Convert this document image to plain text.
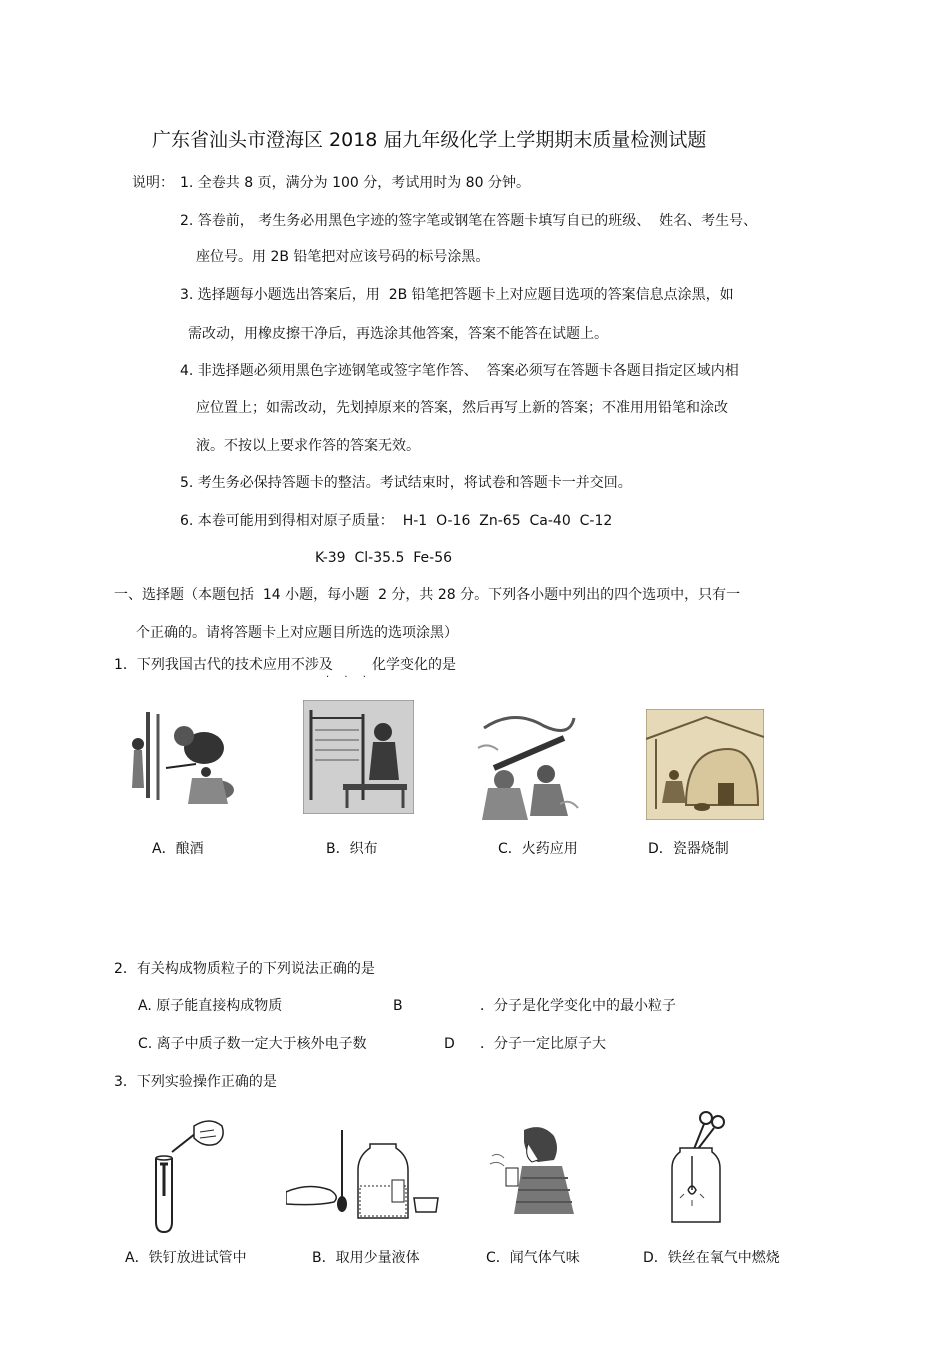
广东省汕头市澄海区 2018 届九年级化学上学期期末质量检测试题
说明： 1. 全卷共 8 页，满分为 100 分，考试用时为 80 分钟。
2. 答卷前， 考生务必用黑色字迹的签字笔或钢笔在答题卡填写自已的班级、  姓名、考生号、
座位号。用 2B 铅笔把对应该号码的标号涂黑。
3. 选择题每小题选出答案后，用  2B 铅笔把答题卡上对应题目选项的答案信息点涂黑，如
需改动，用橡皮擦干净后，再选涂其他答案，答案不能答在试题上。
4. 非选择题必须用黑色字迹钢笔或签字笔作答、  答案必须写在答题卡各题目指定区域内相
应位置上；如需改动，先划掉原来的答案，然后再写上新的答案；不准用用铅笔和涂改
液。不按以上要求作答的答案无效。
5. 考生务必保持答题卡的整洁。考试结束时，将试卷和答题卡一并交回。
6. 本卷可能用到得相对原子质量：  H-1  O-16  Zn-65  Ca-40  C-12
K-39  Cl-35.5  Fe-56
一、选择题（本题包括  14 小题，每小题  2 分，共 28 分。下列各小题中列出的四个选项中，只有一
个正确的。请将答题卡上对应题目所选的选项涂黑）
1．下列我国古代的技术应用不涉及	化学变化的是
· · ·
A．酿酒	B．织布	C．火药应用	D．瓷器烧制
2．有关构成物质粒子的下列说法正确的是
A. 原子能直接构成物质	B	．分子是化学变化中的最小粒子
C. 离子中质子数一定大于核外电子数	D ．分子一定比原子大
3．下列实验操作正确的是
A．铁钉放进试管中	B．取用少量液体	C．闻气体气味	D．铁丝在氧气中燃烧
